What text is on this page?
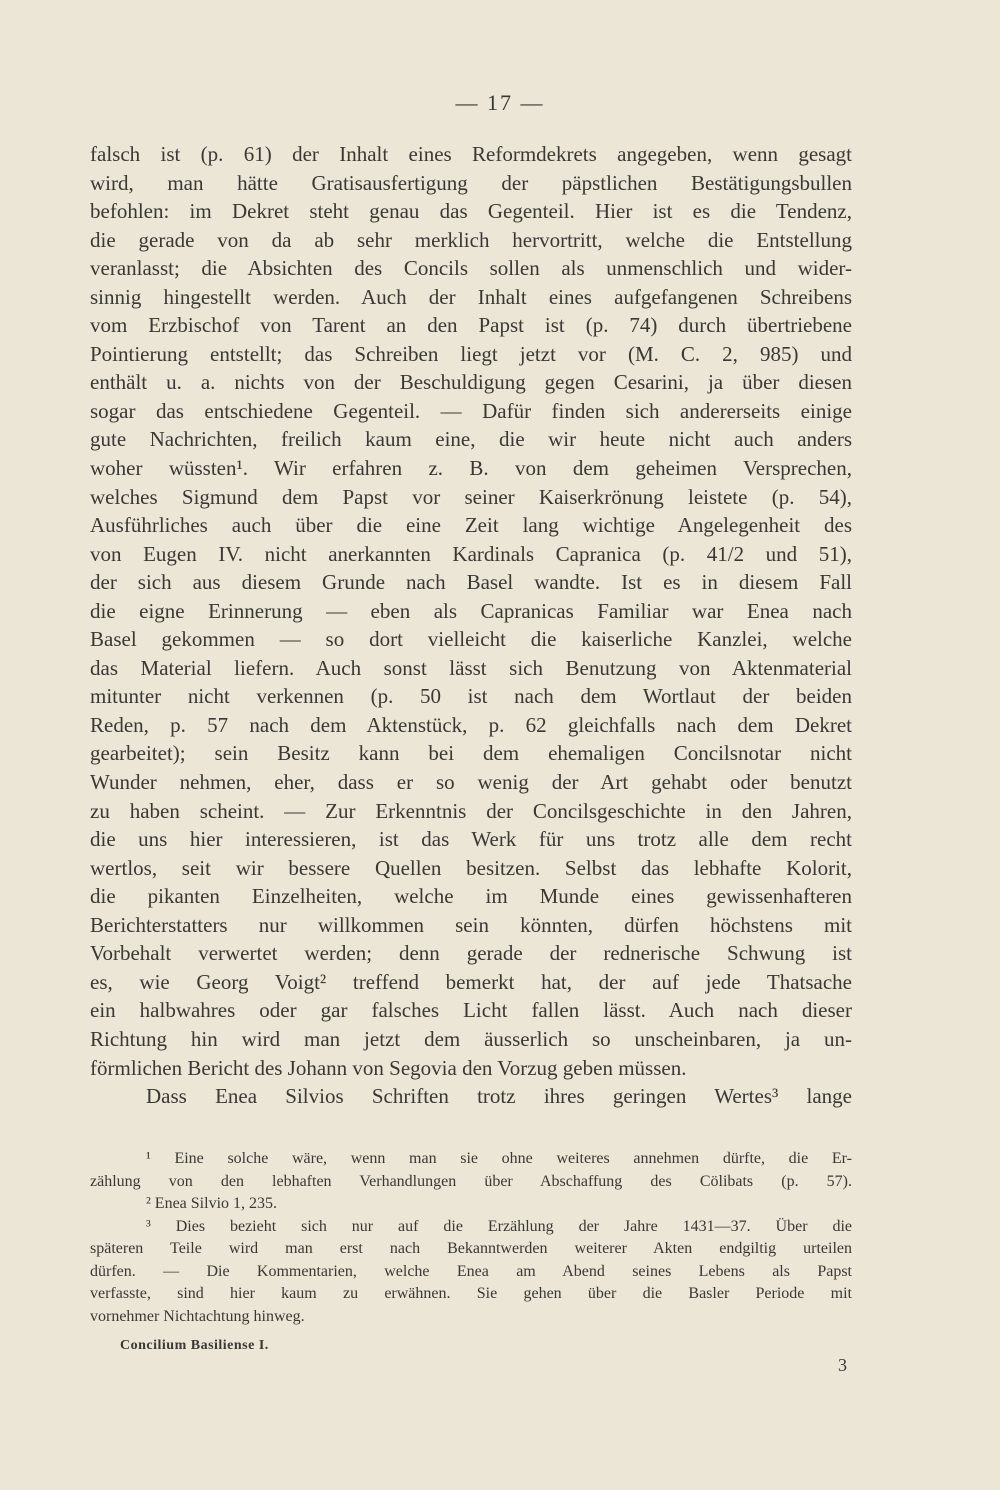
— 17 —
falsch ist (p. 61) der Inhalt eines Reformdekrets angegeben, wenn gesagt
wird, man hätte Gratisausfertigung der päpstlichen Bestätigungsbullen
befohlen: im Dekret steht genau das Gegenteil. Hier ist es die Tendenz,
die gerade von da ab sehr merklich hervortritt, welche die Entstellung
veranlasst; die Absichten des Concils sollen als unmenschlich und wider-
sinnig hingestellt werden. Auch der Inhalt eines aufgefangenen Schreibens
vom Erzbischof von Tarent an den Papst ist (p. 74) durch übertriebene
Pointierung entstellt; das Schreiben liegt jetzt vor (M. C. 2, 985) und
enthält u. a. nichts von der Beschuldigung gegen Cesarini, ja über diesen
sogar das entschiedene Gegenteil. — Dafür finden sich andererseits einige
gute Nachrichten, freilich kaum eine, die wir heute nicht auch anders
woher wüssten¹. Wir erfahren z. B. von dem geheimen Versprechen,
welches Sigmund dem Papst vor seiner Kaiserkrönung leistete (p. 54),
Ausführliches auch über die eine Zeit lang wichtige Angelegenheit des
von Eugen IV. nicht anerkannten Kardinals Capranica (p. 41/2 und 51),
der sich aus diesem Grunde nach Basel wandte. Ist es in diesem Fall
die eigne Erinnerung — eben als Capranicas Familiar war Enea nach
Basel gekommen — so dort vielleicht die kaiserliche Kanzlei, welche
das Material liefern. Auch sonst lässt sich Benutzung von Aktenmaterial
mitunter nicht verkennen (p. 50 ist nach dem Wortlaut der beiden
Reden, p. 57 nach dem Aktenstück, p. 62 gleichfalls nach dem Dekret
gearbeitet); sein Besitz kann bei dem ehemaligen Concilsnotar nicht
Wunder nehmen, eher, dass er so wenig der Art gehabt oder benutzt
zu haben scheint. — Zur Erkenntnis der Concilsgeschichte in den Jahren,
die uns hier interessieren, ist das Werk für uns trotz alle dem recht
wertlos, seit wir bessere Quellen besitzen. Selbst das lebhafte Kolorit,
die pikanten Einzelheiten, welche im Munde eines gewissenhafteren
Berichterstatters nur willkommen sein könnten, dürfen höchstens mit
Vorbehalt verwertet werden; denn gerade der rednerische Schwung ist
es, wie Georg Voigt² treffend bemerkt hat, der auf jede Thatsache
ein halbwahres oder gar falsches Licht fallen lässt. Auch nach dieser
Richtung hin wird man jetzt dem äusserlich so unscheinbaren, ja un-
förmlichen Bericht des Johann von Segovia den Vorzug geben müssen.
Dass Enea Silvios Schriften trotz ihres geringen Wertes³ lange
¹ Eine solche wäre, wenn man sie ohne weiteres annehmen dürfte, die Er-
zählung von den lebhaften Verhandlungen über Abschaffung des Cölibats (p. 57).
² Enea Silvio 1, 235.
³ Dies bezieht sich nur auf die Erzählung der Jahre 1431—37. Über die
späteren Teile wird man erst nach Bekanntwerden weiterer Akten endgiltig urteilen
dürfen. — Die Kommentarien, welche Enea am Abend seines Lebens als Papst
verfasste, sind hier kaum zu erwähnen. Sie gehen über die Basler Periode mit
vornehmer Nichtachtung hinweg.
Concilium Basiliense I.
3
